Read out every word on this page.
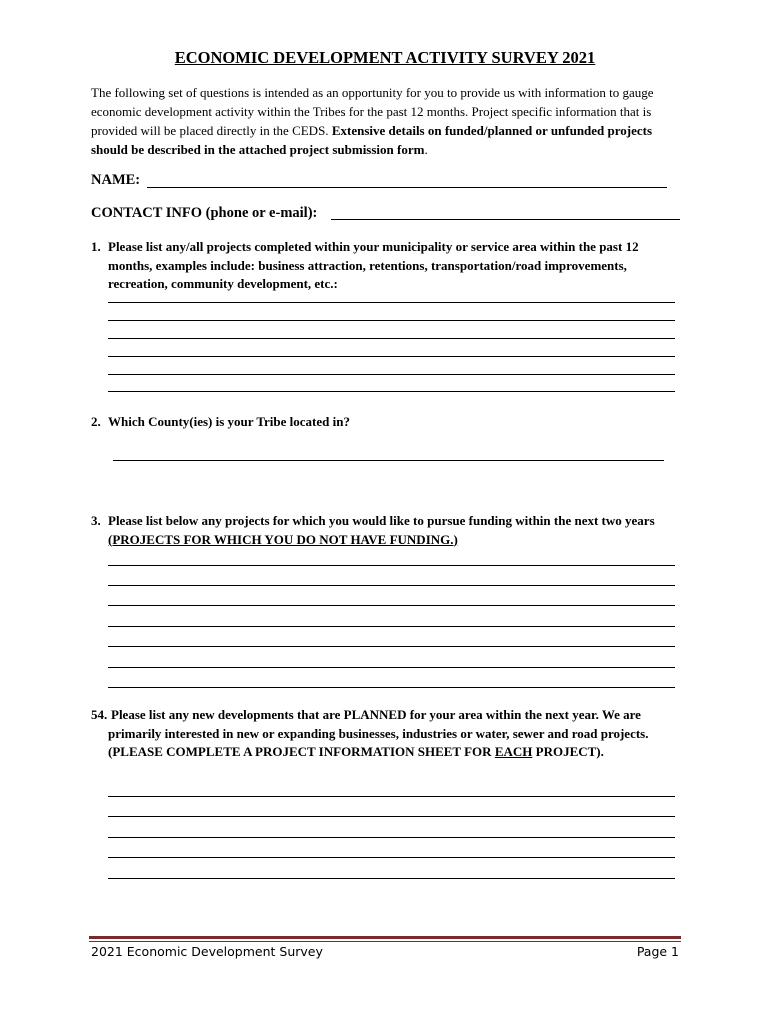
ECONOMIC DEVELOPMENT ACTIVITY SURVEY 2021
The following set of questions is intended as an opportunity for you to provide us with information to gauge economic development activity within the Tribes for the past 12 months. Project specific information that is provided will be placed directly in the CEDS. Extensive details on funded/planned or unfunded projects should be described in the attached project submission form.
NAME:
CONTACT INFO (phone or e-mail):
1. Please list any/all projects completed within your municipality or service area within the past 12 months, examples include: business attraction, retentions, transportation/road improvements, recreation, community development, etc.:
2. Which County(ies) is your Tribe located in?
3. Please list below any projects for which you would like to pursue funding within the next two years (PROJECTS FOR WHICH YOU DO NOT HAVE FUNDING.)
54. Please list any new developments that are PLANNED for your area within the next year. We are primarily interested in new or expanding businesses, industries or water, sewer and road projects. (PLEASE COMPLETE A PROJECT INFORMATION SHEET FOR EACH PROJECT).
2021 Economic Development Survey	Page 1
